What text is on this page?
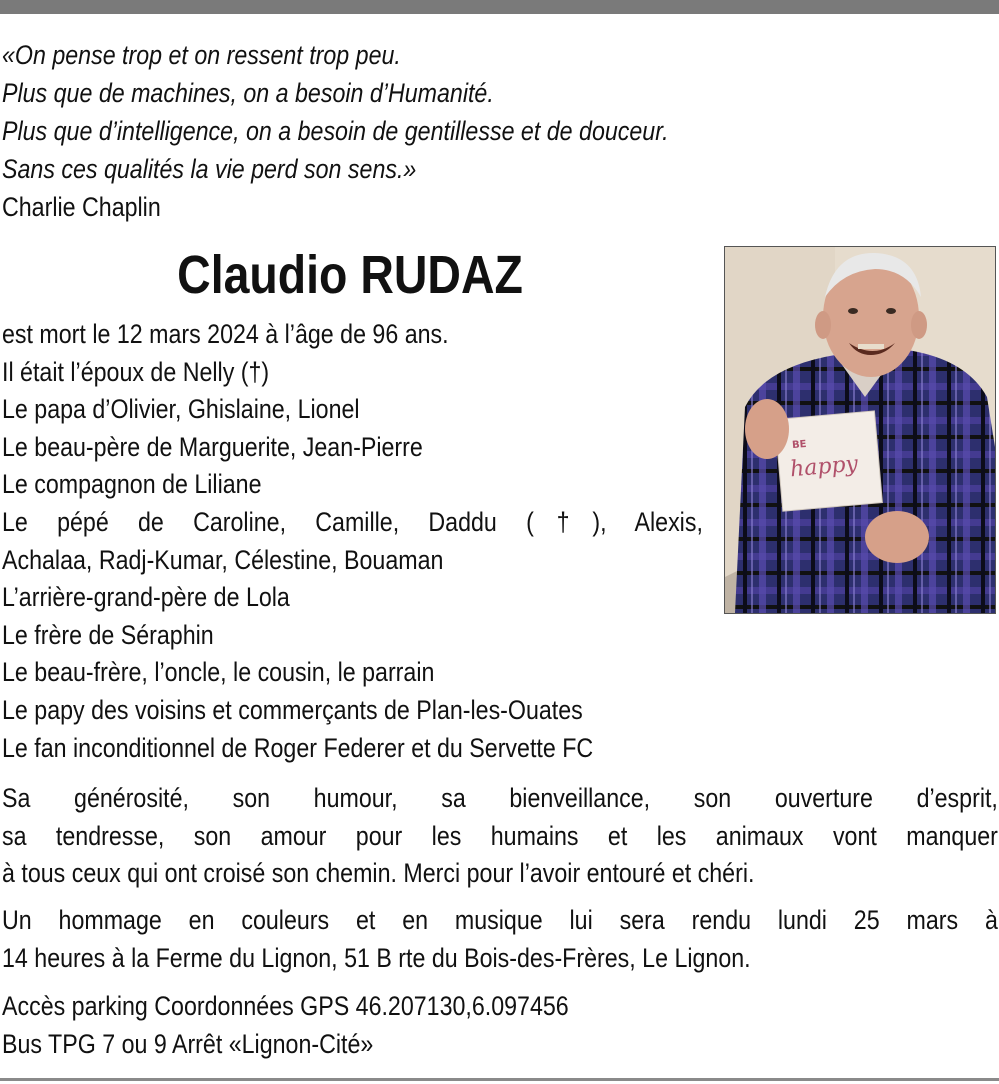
«On pense trop et on ressent trop peu.
Plus que de machines, on a besoin d’Humanité.
Plus que d’intelligence, on a besoin de gentillesse et de douceur.
Sans ces qualités la vie perd son sens.»
Charlie Chaplin
Claudio RUDAZ
BE
happy
est mort le 12 mars 2024 à l’âge de 96 ans.
Il était l’époux de Nelly (†)
Le papa d’Olivier, Ghislaine, Lionel
Le beau-père de Marguerite, Jean-Pierre
Le compagnon de Liliane
Le pépé de Caroline, Camille, Daddu (†), Alexis,
Achalaa, Radj-Kumar, Célestine, Bouaman
L’arrière-grand-père de Lola
Le frère de Séraphin
Le beau-frère, l’oncle, le cousin, le parrain
Le papy des voisins et commerçants de Plan-les-Ouates
Le fan inconditionnel de Roger Federer et du Servette FC
Sa générosité, son humour, sa bienveillance, son ouverture d’esprit,
sa tendresse, son amour pour les humains et les animaux vont manquer
à tous ceux qui ont croisé son chemin. Merci pour l’avoir entouré et chéri.
Un hommage en couleurs et en musique lui sera rendu lundi 25 mars à
14 heures à la Ferme du Lignon, 51 B rte du Bois-des-Frères, Le Lignon.
Accès parking Coordonnées GPS 46.207130,6.097456
Bus TPG 7 ou 9 Arrêt «Lignon-Cité»
